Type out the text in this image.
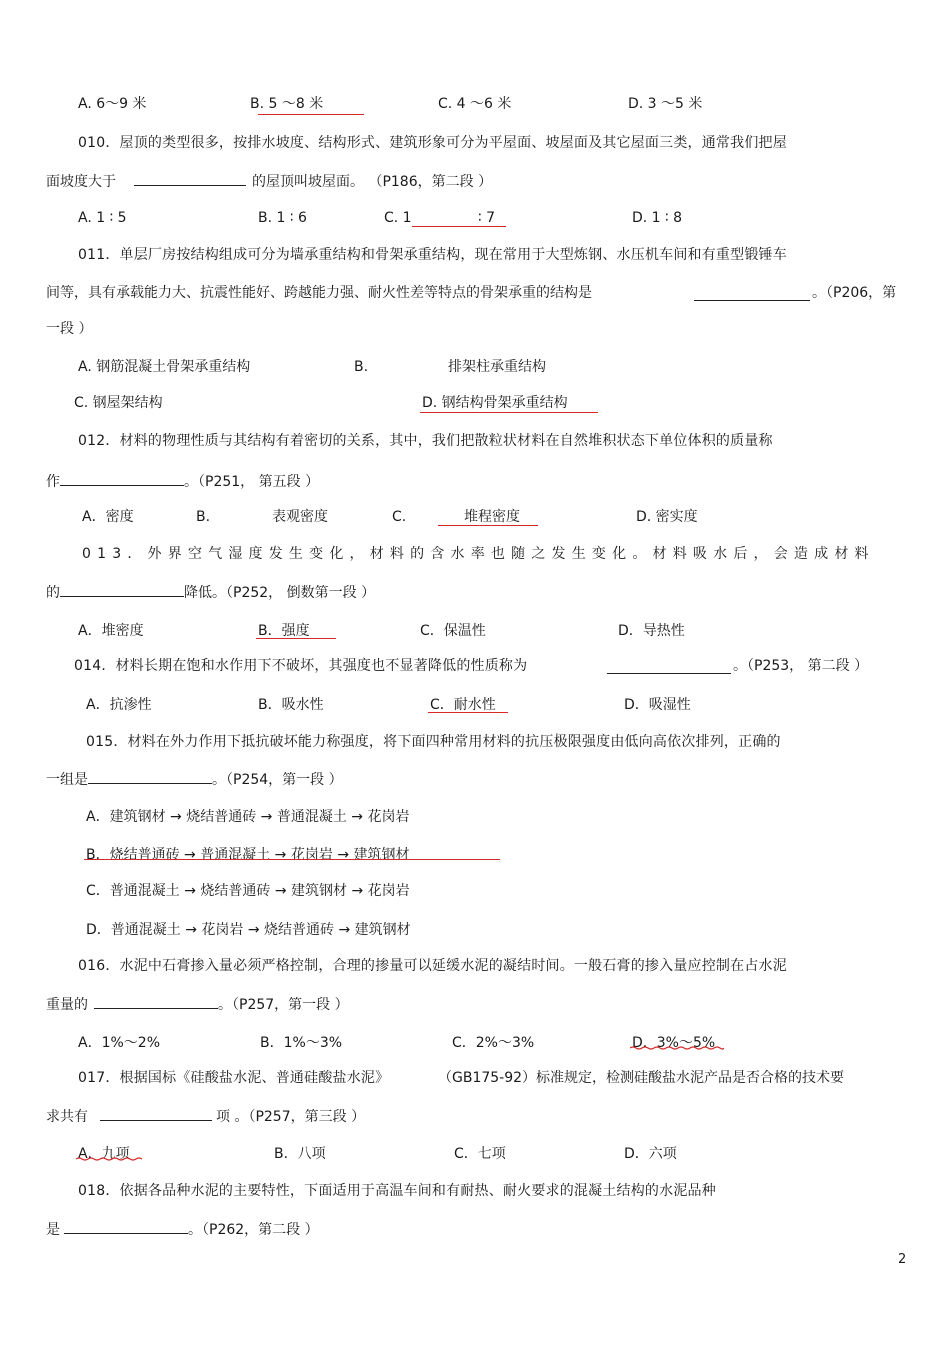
A. 6～9 米	B. 5 ～8 米	C. 4 ～6 米	D. 3 ～5 米
010．屋顶的类型很多，按排水坡度、结构形式、建筑形象可分为平屋面、坡屋面及其它屋面三类，通常我们把屋
面坡度大于	的屋顶叫坡屋面。 （P186，第二段 ）
A. 1 ∶ 5	B. 1 ∶ 6	C. 1	∶ 7	D. 1 ∶ 8
011．单层厂房按结构组成可分为墙承重结构和骨架承重结构，现在常用于大型炼钢、水压机车间和有重型锻锤车
间等，具有承载能力大、抗震性能好、跨越能力强、耐火性差等特点的骨架承重的结构是	。（P206，第
一段 ）
A. 钢筋混凝土骨架承重结构	B.	排架柱承重结构
C. 钢屋架结构	D. 钢结构骨架承重结构
012．材料的物理性质与其结构有着密切的关系，其中，我们把散粒状材料在自然堆积状态下单位体积的质量称
作	。（P251， 第五段 ）
A．密度	B.	表观密度	C.	堆程密度	D. 密实度
013．外界空气湿度发生变化，材料的含水率也随之发生变化。材料吸水后，会造成材料
的	降低。（P252， 倒数第一段 ）
A．堆密度	B．强度	C．保温性	D．导热性
014．材料长期在饱和水作用下不破坏，其强度也不显著降低的性质称为	。（P253， 第二段 ）
A．抗渗性	B．吸水性	C．耐水性	D．吸湿性
015．材料在外力作用下抵抗破坏能力称强度，将下面四种常用材料的抗压极限强度由低向高依次排列，正确的
一组是	。（P254，第一段 ）
A．建筑钢材 → 烧结普通砖 → 普通混凝土 → 花岗岩
B．烧结普通砖 → 普通混凝土 → 花岗岩 → 建筑钢材
C．普通混凝土 → 烧结普通砖 → 建筑钢材 → 花岗岩
D．普通混凝土 → 花岗岩 → 烧结普通砖 → 建筑钢材
016．水泥中石膏掺入量必须严格控制，合理的掺量可以延缓水泥的凝结时间。一般石膏的掺入量应控制在占水泥
重量的	。（P257，第一段 ）
A．1%～2%	B．1%～3%	C．2%～3%	D．3%～5%
017．根据国标《硅酸盐水泥、普通硅酸盐水泥》	（GB175-92）标准规定，检测硅酸盐水泥产品是否合格的技术要
求共有	项 。（P257，第三段 ）
A．九项	B．八项	C．七项	D．六项
018．依据各品种水泥的主要特性，下面适用于高温车间和有耐热、耐火要求的混凝土结构的水泥品种
是	。（P262，第二段 ）
2
